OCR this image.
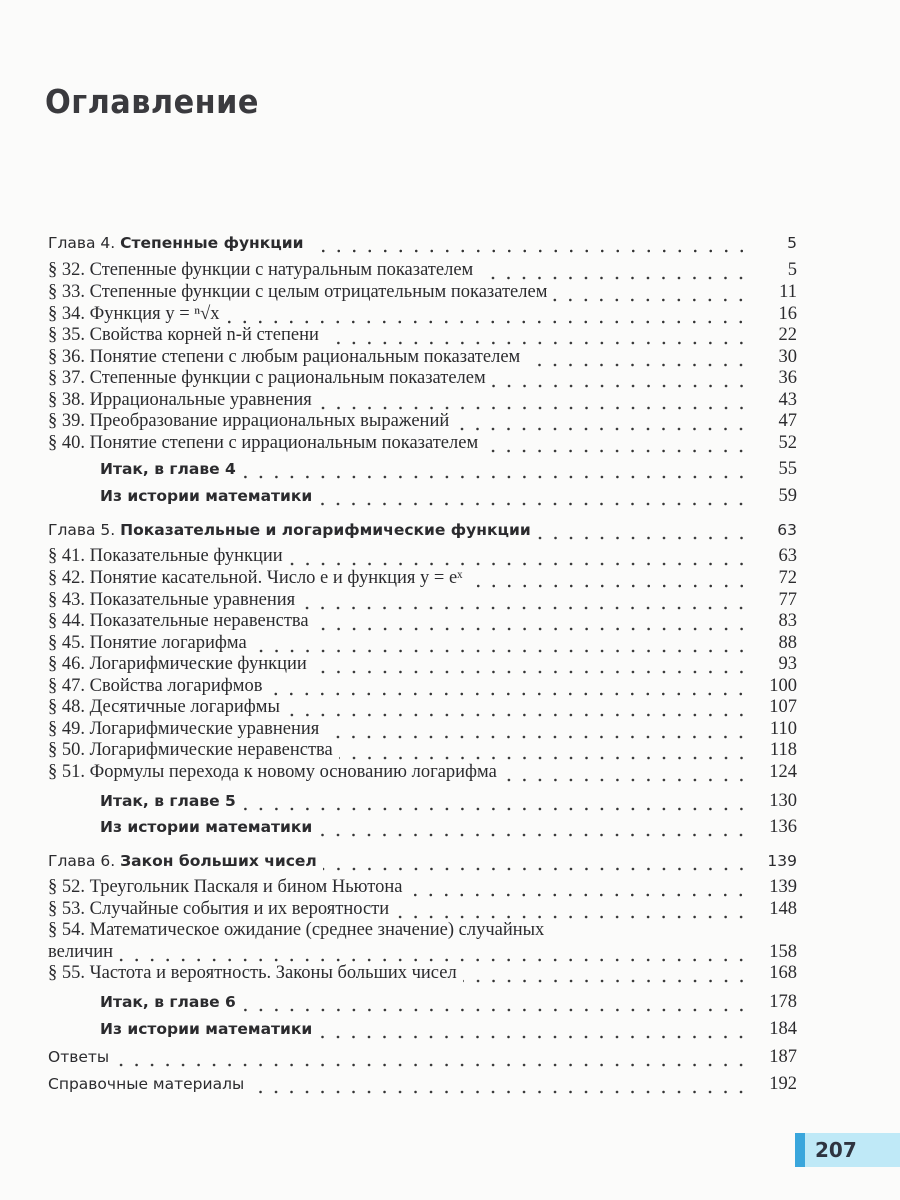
Оглавление
Глава 4. Степенные функции	5
§ 32. Степенные функции с натуральным показателем	5
§ 33. Степенные функции с целым отрицательным показателем	11
§ 34. Функция y = ⁿ√x	16
§ 35. Свойства корней n-й степени	22
§ 36. Понятие степени с любым рациональным показателем	30
§ 37. Степенные функции с рациональным показателем	36
§ 38. Иррациональные уравнения	43
§ 39. Преобразование иррациональных выражений	47
§ 40. Понятие степени с иррациональным показателем	52
Итак, в главе 4	55
Из истории математики	59
Глава 5. Показательные и логарифмические функции	63
§ 41. Показательные функции	63
§ 42. Понятие касательной. Число e и функция y = eˣ	72
§ 43. Показательные уравнения	77
§ 44. Показательные неравенства	83
§ 45. Понятие логарифма	88
§ 46. Логарифмические функции	93
§ 47. Свойства логарифмов	100
§ 48. Десятичные логарифмы	107
§ 49. Логарифмические уравнения	110
§ 50. Логарифмические неравенства	118
§ 51. Формулы перехода к новому основанию логарифма	124
Итак, в главе 5	130
Из истории математики	136
Глава 6. Закон больших чисел	139
§ 52. Треугольник Паскаля и бином Ньютона	139
§ 53. Случайные события и их вероятности	148
§ 54. Математическое ожидание (среднее значение) случайных
величин	158
§ 55. Частота и вероятность. Законы больших чисел	168
Итак, в главе 6	178
Из истории математики	184
Ответы	187
Справочные материалы	192
207
